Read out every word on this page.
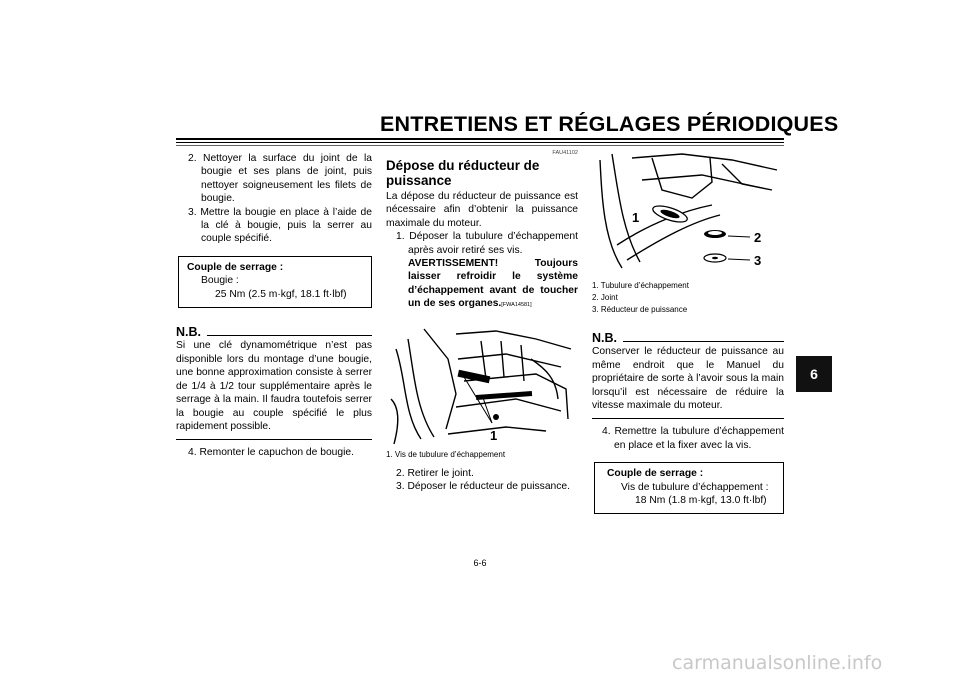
ENTRETIENS ET RÉGLAGES PÉRIODIQUES
6

2. Nettoyer la surface du joint de la bougie et ses plans de joint, puis nettoyer soigneusement les filets de bougie.

3. Mettre la bougie en place à l’aide de la clé à bougie, puis la serrer au couple spécifié.

Couple de serrage :
Bougie :
25 Nm (2.5 m·kgf, 18.1 ft·lbf)
N.B.

Si une clé dynamométrique n’est pas disponible lors du montage d’une bougie, une bonne approximation consiste à serrer de 1/4 à 1/2 tour supplémentaire après le serrage à la main. Il faudra toutefois serrer la bougie au couple spécifié le plus rapidement possible.

4. Remonter le capuchon de bougie.

FAU41102
Dépose du réducteur de puissance

La dépose du réducteur de puissance est nécessaire afin d’obtenir la puissance maximale du moteur.

1. Déposer la tubulure d’échappement après avoir retiré ses vis.

AVERTISSEMENT! Toujours laisser refroidir le système d’échappement avant de toucher un de ses organes.[FWA14581]

1
1. Vis de tubulure d’échappement

2. Retirer le joint.

3. Déposer le réducteur de puissance.

1
2
3
1. Tubulure d’échappement
2. Joint
3. Réducteur de puissance
N.B.

Conserver le réducteur de puissance au même endroit que le Manuel du propriétaire de sorte à l’avoir sous la main lorsqu’il est nécessaire de réduire la vitesse maximale du moteur.

4. Remettre la tubulure d’échappement en place et la fixer avec la vis.

Couple de serrage :
Vis de tubulure d’échappement :
18 Nm (1.8 m·kgf, 13.0 ft·lbf)
6-6
carmanualsonline.info
